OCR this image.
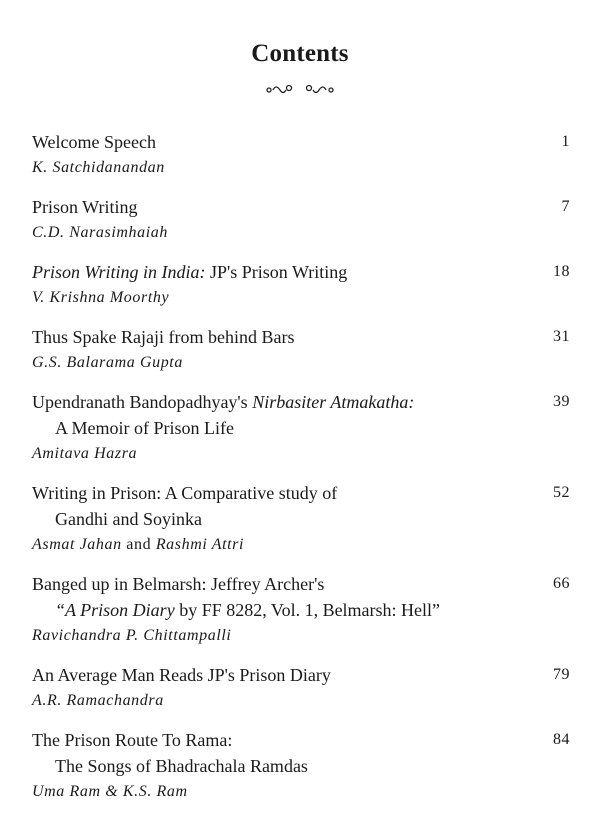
Contents
Welcome Speech
K. Satchidanandan
1
Prison Writing
C.D. Narasimhaiah
7
Prison Writing in India: JP's Prison Writing
V. Krishna Moorthy
18
Thus Spake Rajaji from behind Bars
G.S. Balarama Gupta
31
Upendranath Bandopadhyay's Nirbasiter Atmakatha:
A Memoir of Prison Life
Amitava Hazra
39
Writing in Prison: A Comparative study of
Gandhi and Soyinka
Asmat Jahan and Rashmi Attri
52
Banged up in Belmarsh: Jeffrey Archer's
“A Prison Diary by FF 8282, Vol. 1, Belmarsh: Hell”
Ravichandra P. Chittampalli
66
An Average Man Reads JP's Prison Diary
A.R. Ramachandra
79
The Prison Route To Rama:
The Songs of Bhadrachala Ramdas
Uma Ram & K.S. Ram
84
